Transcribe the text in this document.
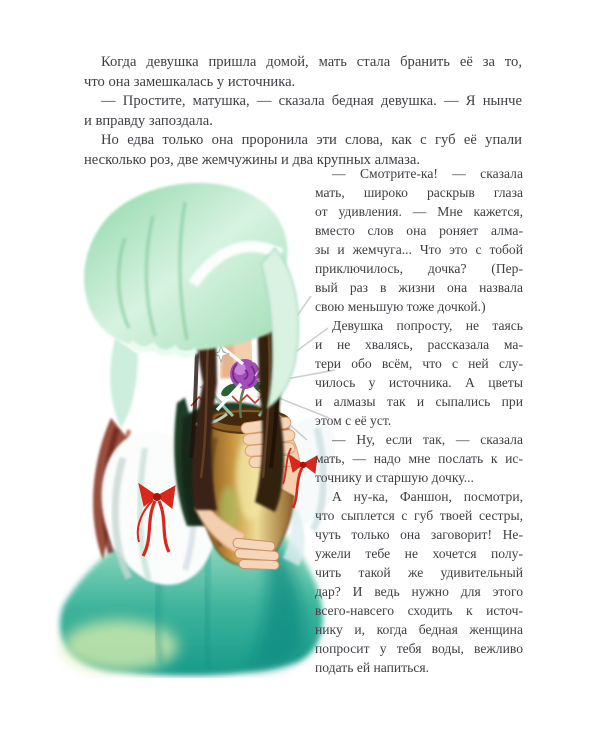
Когда девушка пришла домой, мать стала бранить её за то,
что она замешкалась у источника.
— Простите, матушка, — сказала бедная девушка. — Я нынче
и вправду запоздала.
Но едва только она проронила эти слова, как с губ её упали
несколько роз, две жемчужины и два крупных алмаза.
— Смотрите-ка! — сказала
мать, широко раскрыв глаза
от удивления. — Мне кажется,
вместо слов она роняет алма-
зы и жемчуга... Что это с тобой
приключилось, дочка? (Пер-
вый раз в жизни она назвала
свою меньшую тоже дочкой.)
Девушка попросту, не таясь
и не хвалясь, рассказала ма-
тери обо всём, что с ней слу-
чилось у источника. А цветы
и алмазы так и сыпались при
этом с её уст.
— Ну, если так, — сказала
мать, — надо мне послать к ис-
точнику и старшую дочку...
А ну-ка, Фаншон, посмотри,
что сыплется с губ твоей сестры,
чуть только она заговорит! Не-
ужели тебе не хочется полу-
чить такой же удивительный
дар? И ведь нужно для этого
всего-навсего сходить к источ-
нику и, когда бедная женщина
попросит у тебя воды, вежливо
подать ей напиться.
